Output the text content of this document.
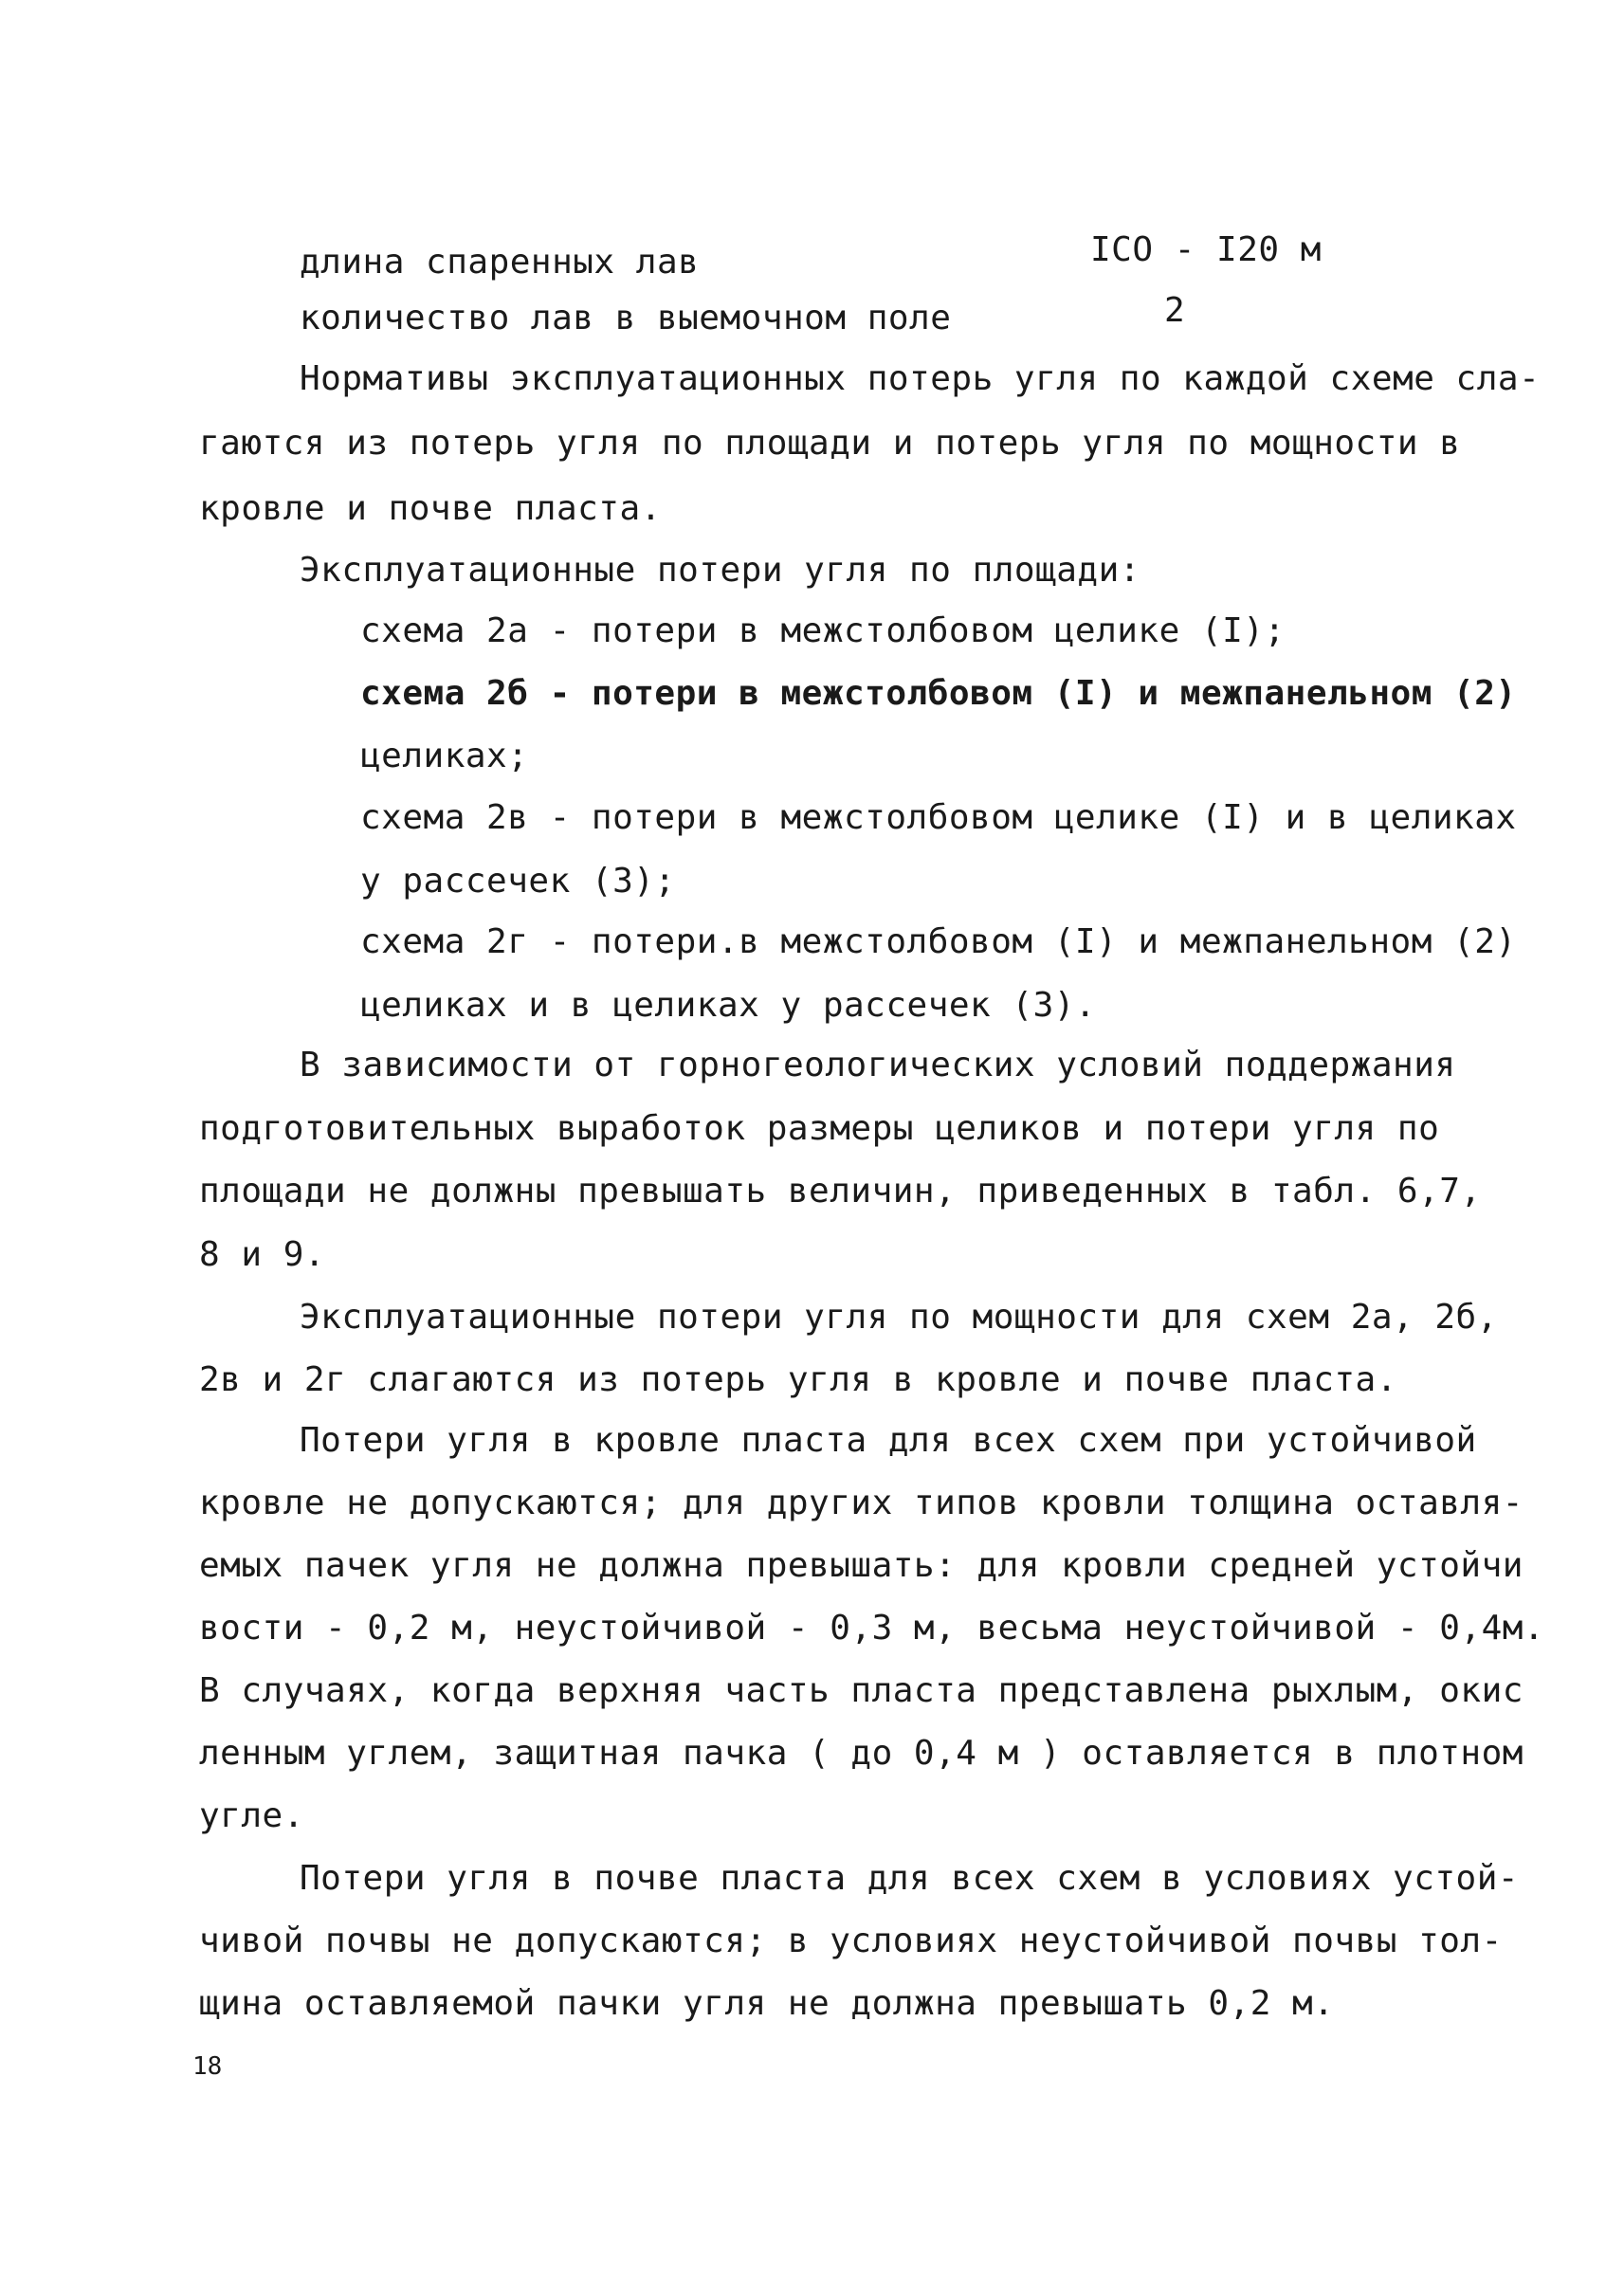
длина спаренных лав	ICO - I20 м
количество лав в выемочном поле	2
Нормативы эксплуатационных потерь угля по каждой схеме сла-
гаются из потерь угля по площади и потерь угля по мощности в
кровле и почве пласта.
Эксплуатационные потери угля по площади:
схема 2а - потери в межстолбовом целике (I);
схема 2б - потери в межстолбовом (I) и межпанельном (2)
целиках;
схема 2в - потери в межстолбовом целике (I) и в целиках
у рассечек (3);
схема 2г - потери.в межстолбовом (I) и межпанельном (2)
целиках и в целиках у рассечек (3).
В зависимости от горногеологических условий поддержания
подготовительных выработок размеры целиков и потери угля по
площади не должны превышать величин, приведенных в табл. 6,7,
8 и 9.
Эксплуатационные потери угля по мощности для схем 2а, 2б,
2в и 2г слагаются из потерь угля в кровле и почве пласта.
Потери угля в кровле пласта для всех схем при устойчивой
кровле не допускаются; для других типов кровли толщина оставля-
емых пачек угля не должна превышать: для кровли средней устойчи
вости - 0,2 м, неустойчивой - 0,3 м, весьма неустойчивой - 0,4м.
В случаях, когда верхняя часть пласта представлена рыхлым, окис
ленным углем, защитная пачка ( до 0,4 м ) оставляется в плотном
угле.
Потери угля в почве пласта для всех схем в условиях устой-
чивой почвы не допускаются; в условиях неустойчивой почвы тол-
щина оставляемой пачки угля не должна превышать 0,2 м.
18
